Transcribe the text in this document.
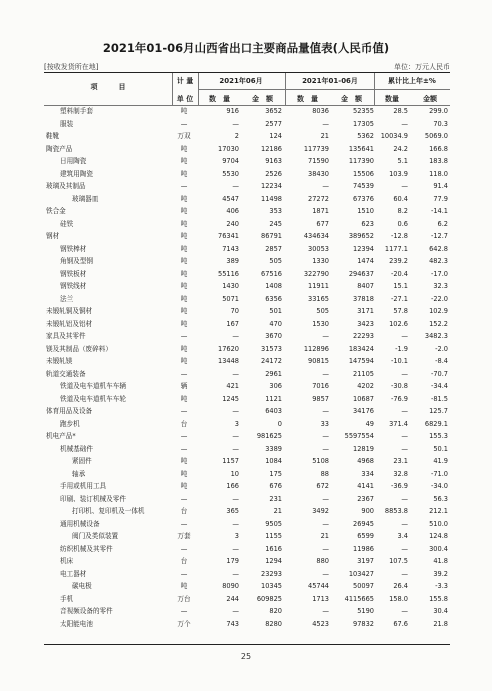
2021年01-06月山西省出口主要商品量值表(人民币值)
[按收发货所在地]	单位：万元人民币
项　　　目
计 量
单 位
2021年06月	2021年01-06月	累计比上年±%
数　量	金　额	数　量	金　额	数量	金额
塑料制手套	吨	916	3652	8036	52355	28.5	299.0
服装	—	—	2577	—	17305	—	70.3
鞋靴	万双	2	124	21	5362	10034.9	5069.0
陶瓷产品	吨	17030	12186	117739	135641	24.2	166.8
日用陶瓷	吨	9704	9163	71590	117390	5.1	183.8
建筑用陶瓷	吨	5530	2526	38430	15506	103.9	118.0
玻璃及其制品	—	—	12234	—	74539	—	91.4
玻璃器皿	吨	4547	11498	27272	67376	60.4	77.9
铁合金	吨	406	353	1871	1510	8.2	-14.1
硅铁	吨	240	245	677	623	0.6	6.2
钢材	吨	76341	86791	434634	389652	-12.8	-12.7
钢铁棒材	吨	7143	2857	30053	12394	1177.1	642.8
角钢及型钢	吨	389	505	1330	1474	239.2	482.3
钢铁板材	吨	55116	67516	322790	294637	-20.4	-17.0
钢铁线材	吨	1430	1408	11911	8407	15.1	32.3
法兰	吨	5071	6356	33165	37818	-27.1	-22.0
未锻轧铜及铜材	吨	70	501	505	3171	57.8	102.9
未锻轧铝及铝材	吨	167	470	1530	3423	102.6	152.2
家具及其零件	—	—	3670	—	22293	—	3482.3
镁及其制品（废碎料）	吨	17620	31573	112896	183424	-1.9	-2.0
未锻轧镁	吨	13448	24172	90815	147594	-10.1	-8.4
轨道交通装备	—	—	2961	—	21105	—	-70.7
铁道及电车道机车车辆	辆	421	306	7016	4202	-30.8	-34.4
铁道及电车道机车车轮	吨	1245	1121	9857	10687	-76.9	-81.5
体育用品及设备	—	—	6403	—	34176	—	125.7
跑步机	台	3	0	33	49	371.4	6829.1
机电产品*	—	—	981625	—	5597554	—	155.3
机械基础件	—	—	3389	—	12819	—	50.1
紧固件	吨	1157	1084	5108	4968	23.1	41.9
轴承	吨	10	175	88	334	32.8	-71.0
手用或机用工具	吨	166	676	672	4141	-36.9	-34.0
印刷、装订机械及零件	—	—	231	—	2367	—	56.3
打印机、复印机及一体机	台	365	21	3492	900	8853.8	212.1
通用机械设备	—	—	9505	—	26945	—	510.0
阀门及类似装置	万套	3	1155	21	6599	3.4	124.8
纺织机械及其零件	—	—	1616	—	11986	—	300.4
机床	台	179	1294	880	3197	107.5	41.8
电工器材	—	—	23293	—	103427	—	39.2
碳电极	吨	8090	10345	45744	50097	26.4	-3.3
手机	万台	244	609825	1713	4115665	158.0	155.8
音视频设备的零件	—	—	820	—	5190	—	30.4
太阳能电池	万个	743	8280	4523	97832	67.6	21.8
25
